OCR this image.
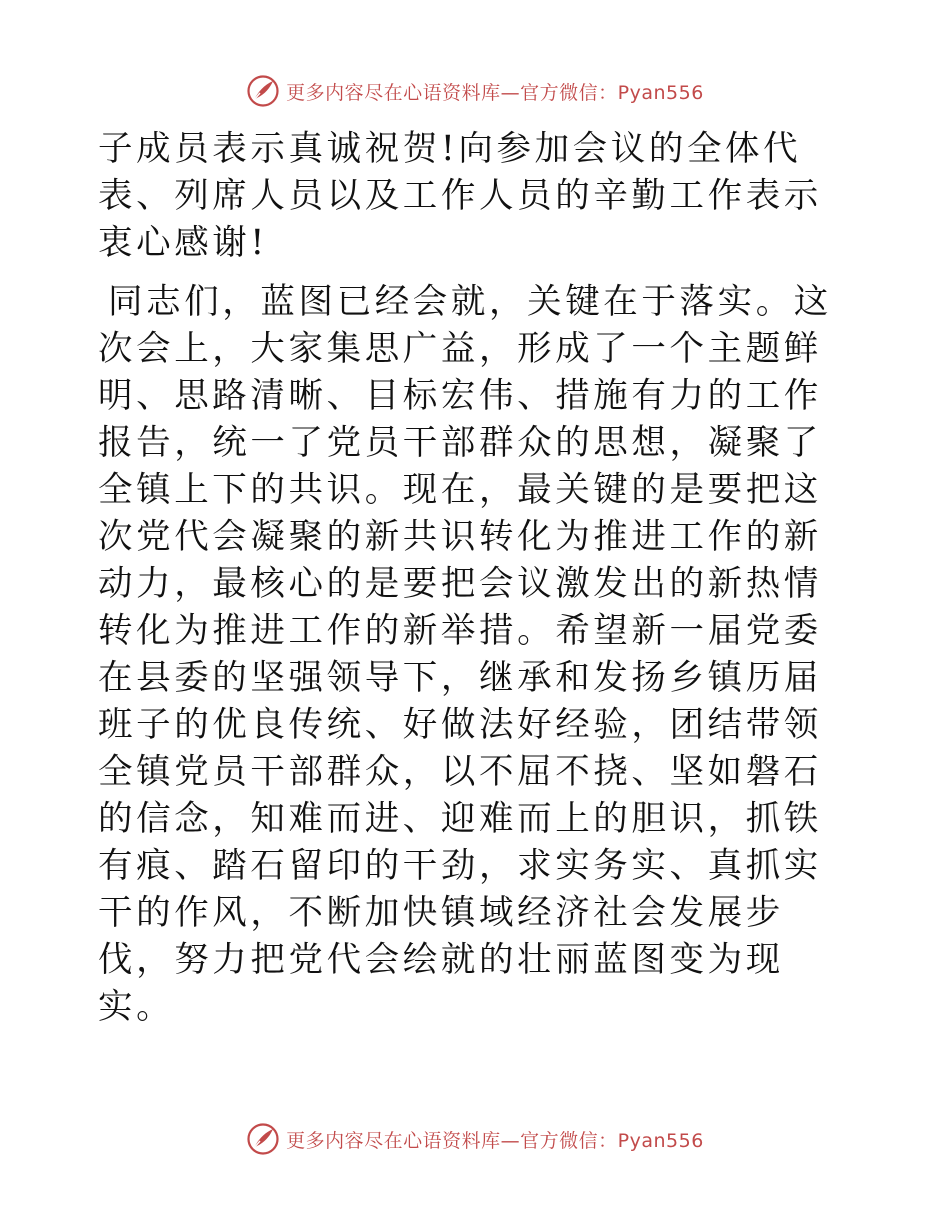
更多内容尽在心语资料库—官方微信：Pyan556

子成员表示真诚祝贺!向参加会议的全体代表、列席人员以及工作人员的辛勤工作表示衷心感谢!

同志们，蓝图已经会就，关键在于落实。这次会上，大家集思广益，形成了一个主题鲜明、思路清晰、目标宏伟、措施有力的工作报告，统一了党员干部群众的思想，凝聚了全镇上下的共识。现在，最关键的是要把这次党代会凝聚的新共识转化为推进工作的新动力，最核心的是要把会议激发出的新热情转化为推进工作的新举措。希望新一届党委在县委的坚强领导下，继承和发扬乡镇历届班子的优良传统、好做法好经验，团结带领全镇党员干部群众，以不屈不挠、坚如磐石的信念，知难而进、迎难而上的胆识，抓铁有痕、踏石留印的干劲，求实务实、真抓实干的作风，不断加快镇域经济社会发展步伐，努力把党代会绘就的壮丽蓝图变为现实。

更多内容尽在心语资料库—官方微信：Pyan556
